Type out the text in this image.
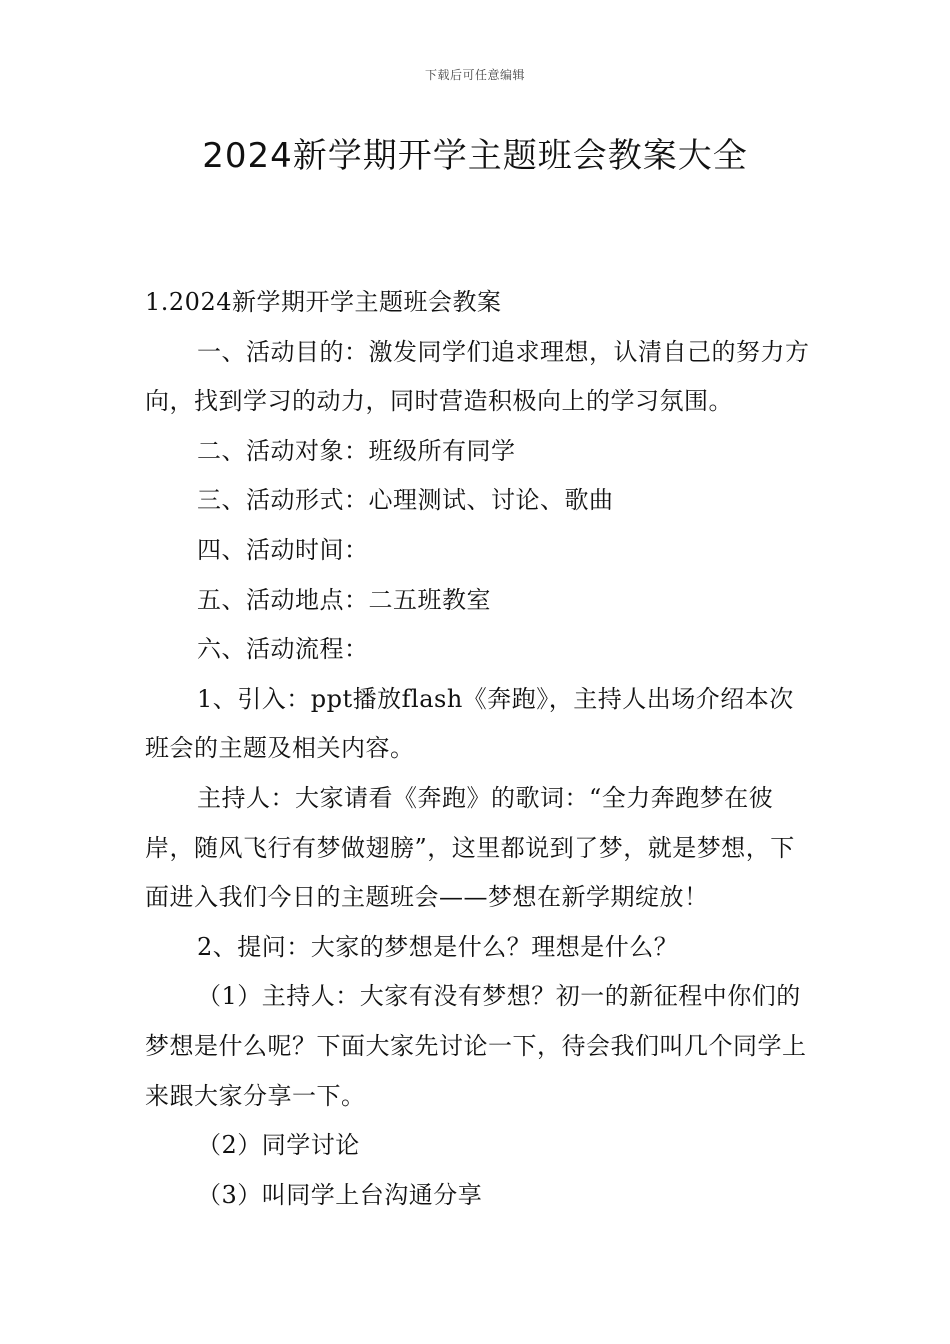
下载后可任意编辑
2024新学期开学主题班会教案大全

1.2024新学期开学主题班会教案

一、活动目的：激发同学们追求理想，认清自己的努力方向，找到学习的动力，同时营造积极向上的学习氛围。

二、活动对象：班级所有同学

三、活动形式：心理测试、讨论、歌曲

四、活动时间：

五、活动地点：二五班教室

六、活动流程：

1、引入：ppt播放flash《奔跑》，主持人出场介绍本次班会的主题及相关内容。

主持人：大家请看《奔跑》的歌词：“全力奔跑梦在彼岸，随风飞行有梦做翅膀”，这里都说到了梦，就是梦想，下面进入我们今日的主题班会——梦想在新学期绽放！

2、提问：大家的梦想是什么？理想是什么？

（1）主持人：大家有没有梦想？初一的新征程中你们的梦想是什么呢？下面大家先讨论一下，待会我们叫几个同学上来跟大家分享一下。

（2）同学讨论

（3）叫同学上台沟通分享
